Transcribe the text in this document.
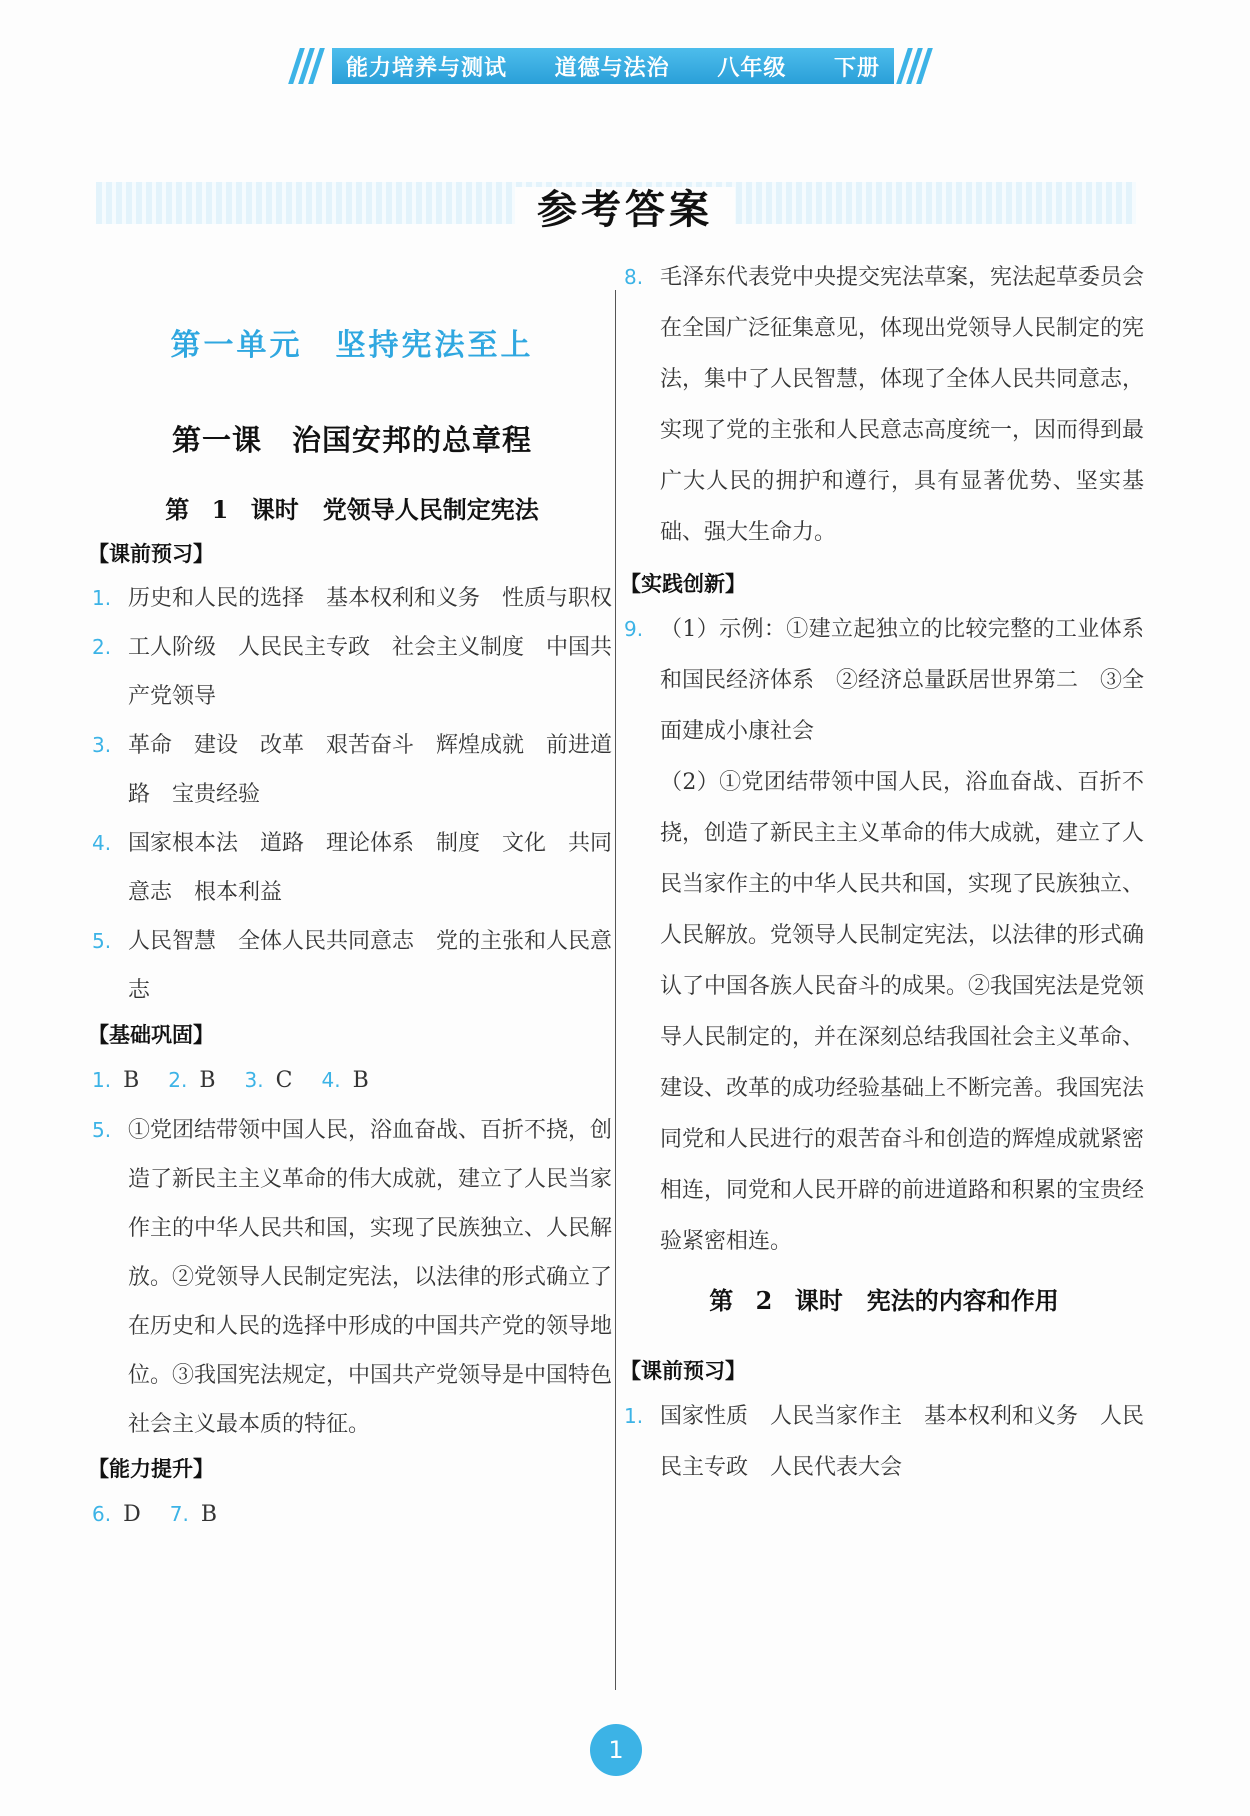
能力培养与测试 道德与法治 八年级 下册
参考答案
第一单元　坚持宪法至上
第一课　治国安邦的总章程
第 1 课时　党领导人民制定宪法
【课前预习】
1. 历史和人民的选择　基本权利和义务　性质与职权
2. 工人阶级　人民民主专政　社会主义制度　中国共产党领导
3. 革命　建设　改革　艰苦奋斗　辉煌成就　前进道路　宝贵经验
4. 国家根本法　道路　理论体系　制度　文化　共同意志　根本利益
5. 人民智慧　全体人民共同意志　党的主张和人民意志
【基础巩固】
1. B 2. B 3. C 4. B
5. ①党团结带领中国人民，浴血奋战、百折不挠，创造了新民主主义革命的伟大成就，建立了人民当家作主的中华人民共和国，实现了民族独立、人民解放。②党领导人民制定宪法，以法律的形式确立了在历史和人民的选择中形成的中国共产党的领导地位。③我国宪法规定，中国共产党领导是中国特色社会主义最本质的特征。
【能力提升】
6. D 7. B
8. 毛泽东代表党中央提交宪法草案，宪法起草委员会在全国广泛征集意见，体现出党领导人民制定的宪法，集中了人民智慧，体现了全体人民共同意志，实现了党的主张和人民意志高度统一，因而得到最广大人民的拥护和遵行，具有显著优势、坚实基础、强大生命力。
【实践创新】
9. （1）示例：①建立起独立的比较完整的工业体系和国民经济体系　②经济总量跃居世界第二　③全面建成小康社会
（2）①党团结带领中国人民，浴血奋战、百折不挠，创造了新民主主义革命的伟大成就，建立了人民当家作主的中华人民共和国，实现了民族独立、人民解放。党领导人民制定宪法，以法律的形式确认了中国各族人民奋斗的成果。②我国宪法是党领导人民制定的，并在深刻总结我国社会主义革命、建设、改革的成功经验基础上不断完善。我国宪法同党和人民进行的艰苦奋斗和创造的辉煌成就紧密相连，同党和人民开辟的前进道路和积累的宝贵经验紧密相连。
第 2 课时　宪法的内容和作用
【课前预习】
1. 国家性质　人民当家作主　基本权利和义务　人民民主专政　人民代表大会
1
